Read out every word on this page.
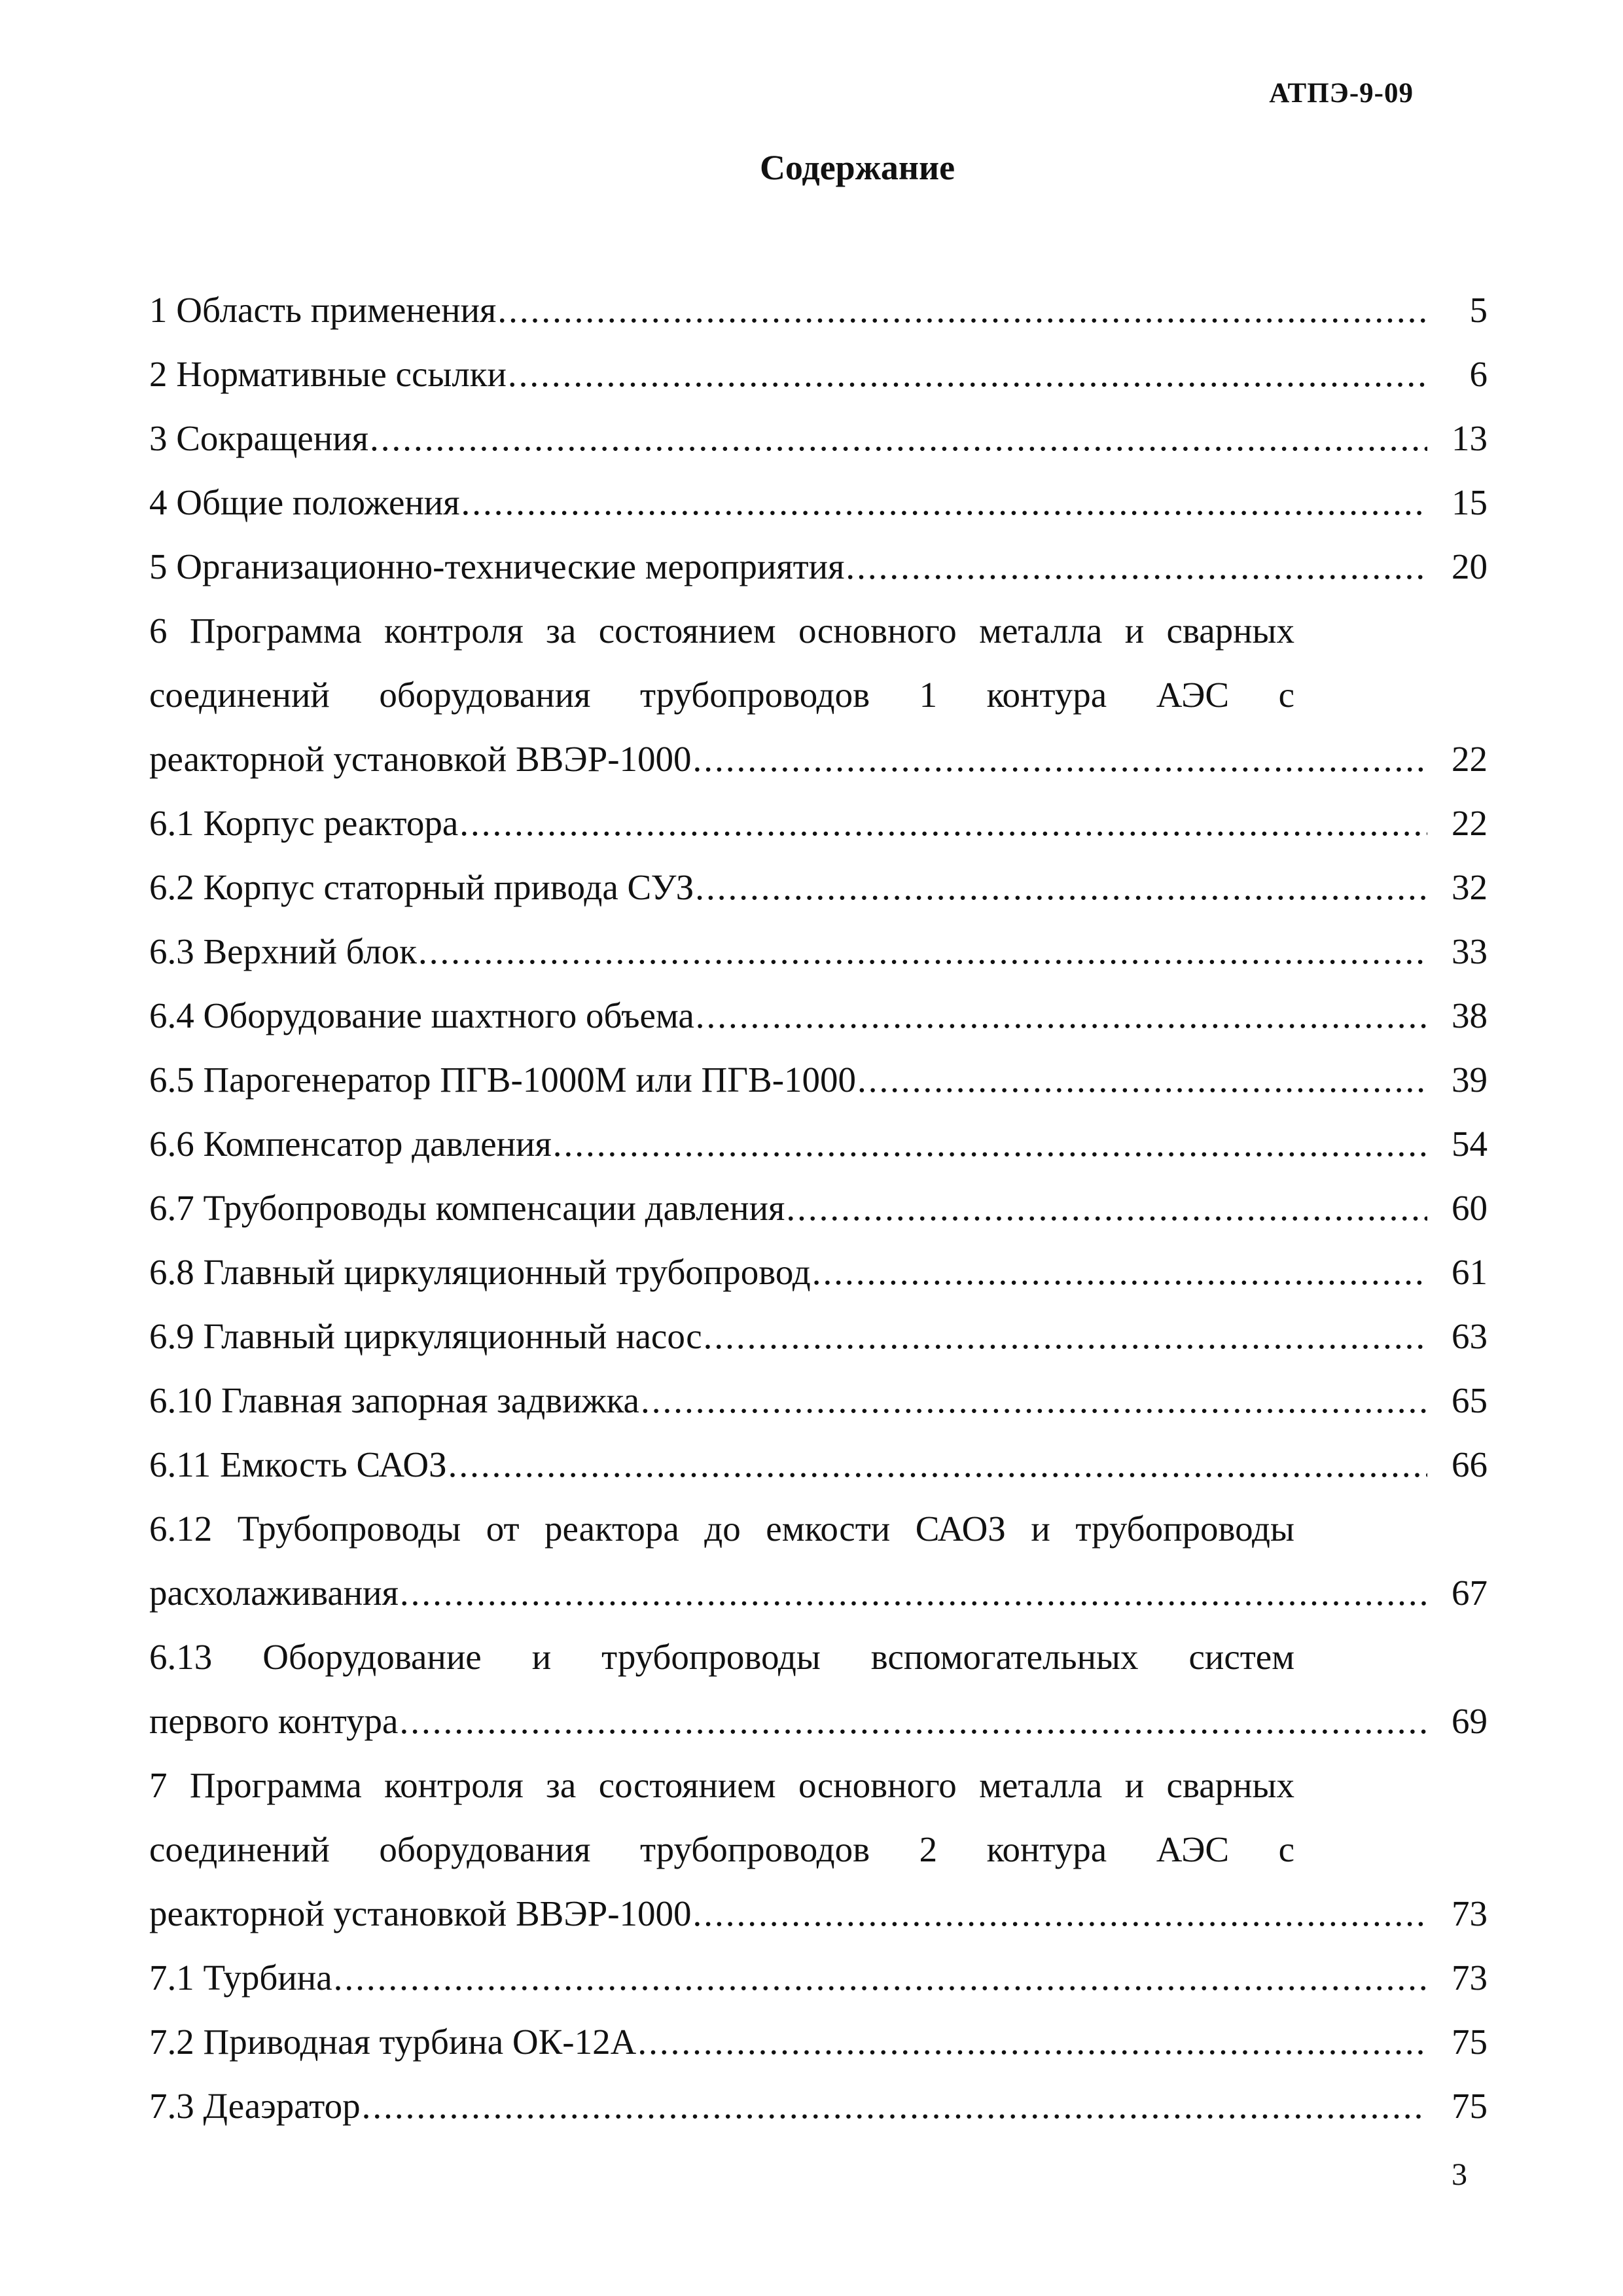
АТПЭ-9-09
Содержание
1 Область применения .....	5
2 Нормативные ссылки .....	6
3 Сокращения .....	13
4 Общие положения .....	15
5 Организационно-технические мероприятия .....	20
6 Программа контроля за состоянием основного металла и сварных
соединений оборудования трубопроводов 1 контура АЭС с
реакторной установкой ВВЭР-1000 .....	22
6.1 Корпус реактора .....	22
6.2 Корпус статорный привода СУЗ .....	32
6.3 Верхний блок .....	33
6.4 Оборудование шахтного объема .....	38
6.5 Парогенератор ПГВ-1000М или ПГВ-1000 .....	39
6.6 Компенсатор давления .....	54
6.7 Трубопроводы компенсации давления .....	60
6.8 Главный циркуляционный трубопровод .....	61
6.9 Главный циркуляционный насос .....	63
6.10 Главная запорная задвижка .....	65
6.11 Емкость САОЗ .....	66
6.12 Трубопроводы от реактора до емкости САОЗ и трубопроводы
расхолаживания .....	67
6.13 Оборудование и трубопроводы вспомогательных систем
первого контура .....	69
7 Программа контроля за состоянием основного металла и сварных
соединений оборудования трубопроводов 2 контура АЭС с
реакторной установкой ВВЭР-1000 .....	73
7.1 Турбина .....	73
7.2 Приводная турбина ОК-12А .....	75
7.3 Деаэратор .....	75
3
